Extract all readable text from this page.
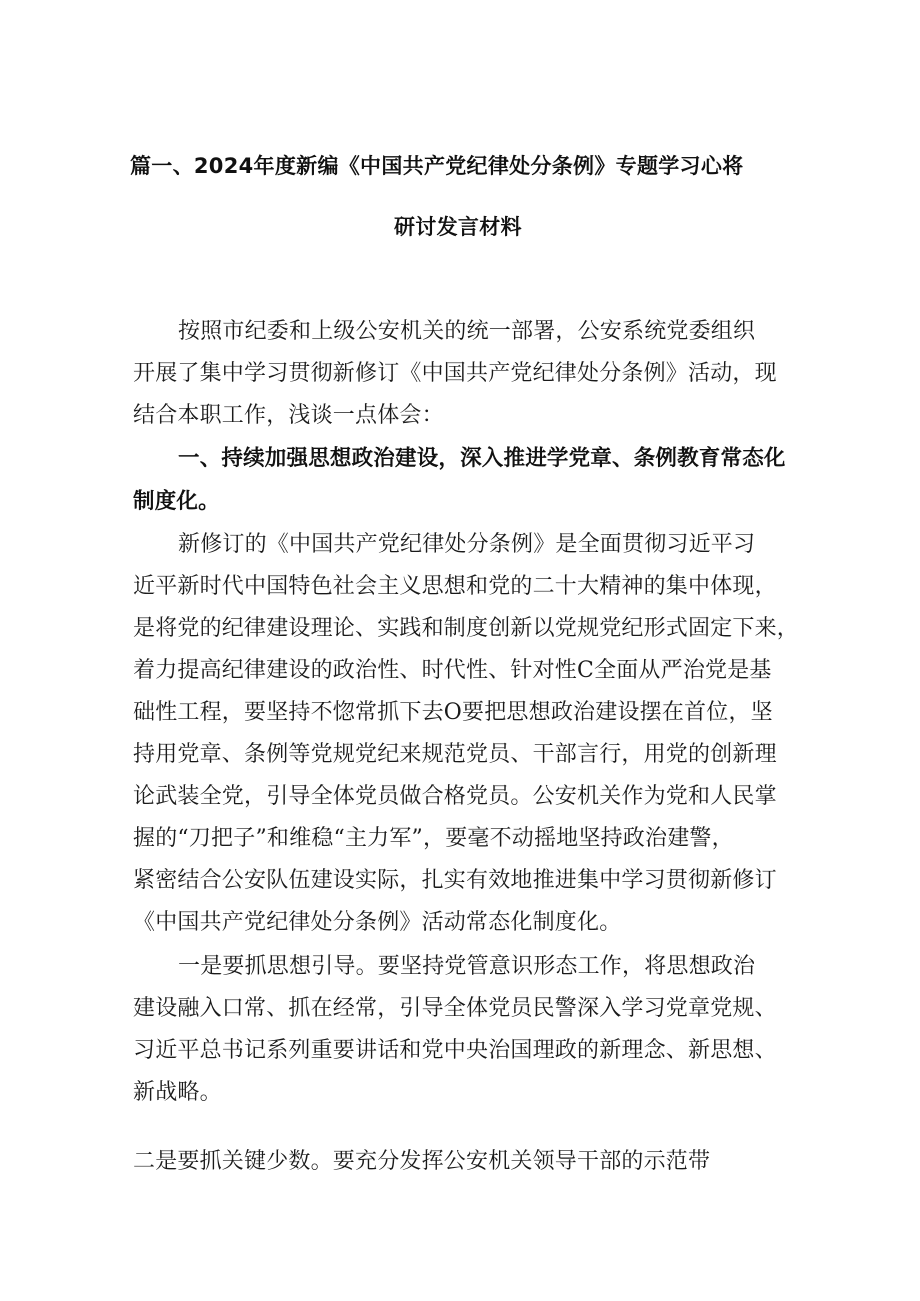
篇一、2024年度新编《中国共产党纪律处分条例》专题学习心将
研讨发言材料
按照市纪委和上级公安机关的统一部署，公安系统党委组织
开展了集中学习贯彻新修订《中国共产党纪律处分条例》活动，现
结合本职工作，浅谈一点体会：
一、持续加强思想政治建设，深入推进学党章、条例教育常态化
制度化。
新修订的《中国共产党纪律处分条例》是全面贯彻习近平习
近平新时代中国特色社会主义思想和党的二十大精神的集中体现，
是将党的纪律建设理论、实践和制度创新以党规党纪形式固定下来，
着力提高纪律建设的政治性、时代性、针对性C全面从严治党是基
础性工程，要坚持不惚常抓下去O要把思想政治建设摆在首位，坚
持用党章、条例等党规党纪来规范党员、干部言行，用党的创新理
论武装全党，引导全体党员做合格党员。公安机关作为党和人民掌
握的“刀把子”和维稳“主力军”，要毫不动摇地坚持政治建警，
紧密结合公安队伍建设实际，扎实有效地推进集中学习贯彻新修订
《中国共产党纪律处分条例》活动常态化制度化。
一是要抓思想引导。要坚持党管意识形态工作，将思想政治
建设融入口常、抓在经常，引导全体党员民警深入学习党章党规、
习近平总书记系列重要讲话和党中央治国理政的新理念、新思想、
新战略。
二是要抓关键少数。要充分发挥公安机关领导干部的示范带
